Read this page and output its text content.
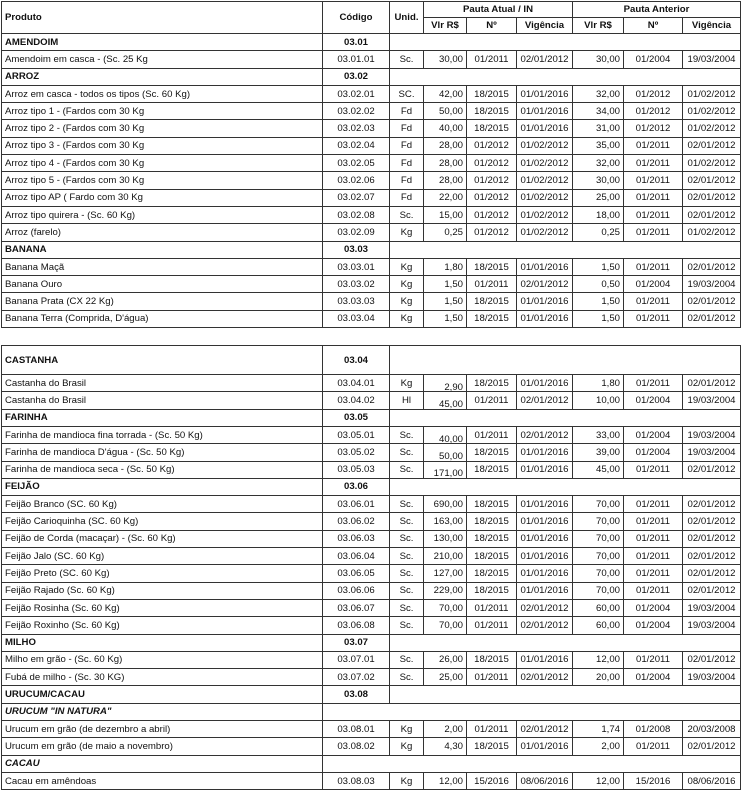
Produto	Código	Unid.	Pauta Atual / IN			Pauta Anterior		
			Vlr R$	Nº	Vigência	Vlr R$	Nº	Vigência
AMENDOIM	03.01							
Amendoim em casca - (Sc. 25 Kg	03.01.01	Sc.	30,00	01/2011	02/01/2012	30,00	01/2004	19/03/2004
ARROZ	03.02							
Arroz em casca - todos os tipos (Sc. 60 Kg)	03.02.01	SC.	42,00	18/2015	01/01/2016	32,00	01/2012	01/02/2012
Arroz tipo 1 - (Fardos com 30 Kg	03.02.02	Fd	50,00	18/2015	01/01/2016	34,00	01/2012	01/02/2012
Arroz tipo 2 - (Fardos com 30 Kg	03.02.03	Fd	40,00	18/2015	01/01/2016	31,00	01/2012	01/02/2012
Arroz tipo 3 - (Fardos com 30 Kg	03.02.04	Fd	28,00	01/2012	01/02/2012	35,00	01/2011	02/01/2012
Arroz tipo 4 - (Fardos com 30 Kg	03.02.05	Fd	28,00	01/2012	01/02/2012	32,00	01/2011	01/02/2012
Arroz tipo 5 - (Fardos com 30 Kg	03.02.06	Fd	28,00	01/2012	01/02/2012	30,00	01/2011	02/01/2012
Arroz tipo AP ( Fardo com 30 Kg	03.02.07	Fd	22,00	01/2012	01/02/2012	25,00	01/2011	02/01/2012
Arroz tipo quirera - (Sc. 60 Kg)	03.02.08	Sc.	15,00	01/2012	01/02/2012	18,00	01/2011	02/01/2012
Arroz (farelo)	03.02.09	Kg	0,25	01/2012	01/02/2012	0,25	01/2011	01/02/2012
BANANA	03.03							
Banana Maçã	03.03.01	Kg	1,80	18/2015	01/01/2016	1,50	01/2011	02/01/2012
Banana Ouro	03.03.02	Kg	1,50	01/2011	02/01/2012	0,50	01/2004	19/03/2004
Banana Prata (CX 22 Kg)	03.03.03	Kg	1,50	18/2015	01/01/2016	1,50	01/2011	02/01/2012
Banana Terra (Comprida, D'água)	03.03.04	Kg	1,50	18/2015	01/01/2016	1,50	01/2011	02/01/2012

CASTANHA	03.04							
Castanha do Brasil	03.04.01	Kg	2,90	18/2015	01/01/2016	1,80	01/2011	02/01/2012
Castanha do Brasil	03.04.02	Hl	45,00	01/2011	02/01/2012	10,00	01/2004	19/03/2004
FARINHA	03.05							
Farinha de mandioca fina torrada - (Sc. 50 Kg)	03.05.01	Sc.	40,00	01/2011	02/01/2012	33,00	01/2004	19/03/2004
Farinha de mandioca D'água - (Sc. 50 Kg)	03.05.02	Sc.	50,00	18/2015	01/01/2016	39,00	01/2004	19/03/2004
Farinha de mandioca seca - (Sc. 50 Kg)	03.05.03	Sc.	171,00	18/2015	01/01/2016	45,00	01/2011	02/01/2012
FEIJÃO	03.06							
Feijão Branco (SC. 60 Kg)	03.06.01	Sc.	690,00	18/2015	01/01/2016	70,00	01/2011	02/01/2012
Feijão Carioquinha (SC. 60 Kg)	03.06.02	Sc.	163,00	18/2015	01/01/2016	70,00	01/2011	02/01/2012
Feijão de Corda (macaçar) - (Sc. 60 Kg)	03.06.03	Sc.	130,00	18/2015	01/01/2016	70,00	01/2011	02/01/2012
Feijão Jalo (SC. 60 Kg)	03.06.04	Sc.	210,00	18/2015	01/01/2016	70,00	01/2011	02/01/2012
Feijão Preto (SC. 60 Kg)	03.06.05	Sc.	127,00	18/2015	01/01/2016	70,00	01/2011	02/01/2012
Feijão Rajado (Sc. 60 Kg)	03.06.06	Sc.	229,00	18/2015	01/01/2016	70,00	01/2011	02/01/2012
Feijão Rosinha (Sc. 60 Kg)	03.06.07	Sc.	70,00	01/2011	02/01/2012	60,00	01/2004	19/03/2004
Feijão Roxinho (Sc. 60 Kg)	03.06.08	Sc.	70,00	01/2011	02/01/2012	60,00	01/2004	19/03/2004
MILHO	03.07							
Milho em grão - (Sc. 60 Kg)	03.07.01	Sc.	26,00	18/2015	01/01/2016	12,00	01/2011	02/01/2012
Fubá de milho - (Sc. 30 KG)	03.07.02	Sc.	25,00	01/2011	02/01/2012	20,00	01/2004	19/03/2004
URUCUM/CACAU	03.08							
URUCUM "IN NATURA"								
Urucum em grão (de dezembro a abril)	03.08.01	Kg	2,00	01/2011	02/01/2012	1,74	01/2008	20/03/2008
Urucum em grão (de maio a novembro)	03.08.02	Kg	4,30	18/2015	01/01/2016	2,00	01/2011	02/01/2012
CACAU								
Cacau em amêndoas	03.08.03	Kg	12,00	15/2016	08/06/2016	12,00	15/2016	08/06/2016
